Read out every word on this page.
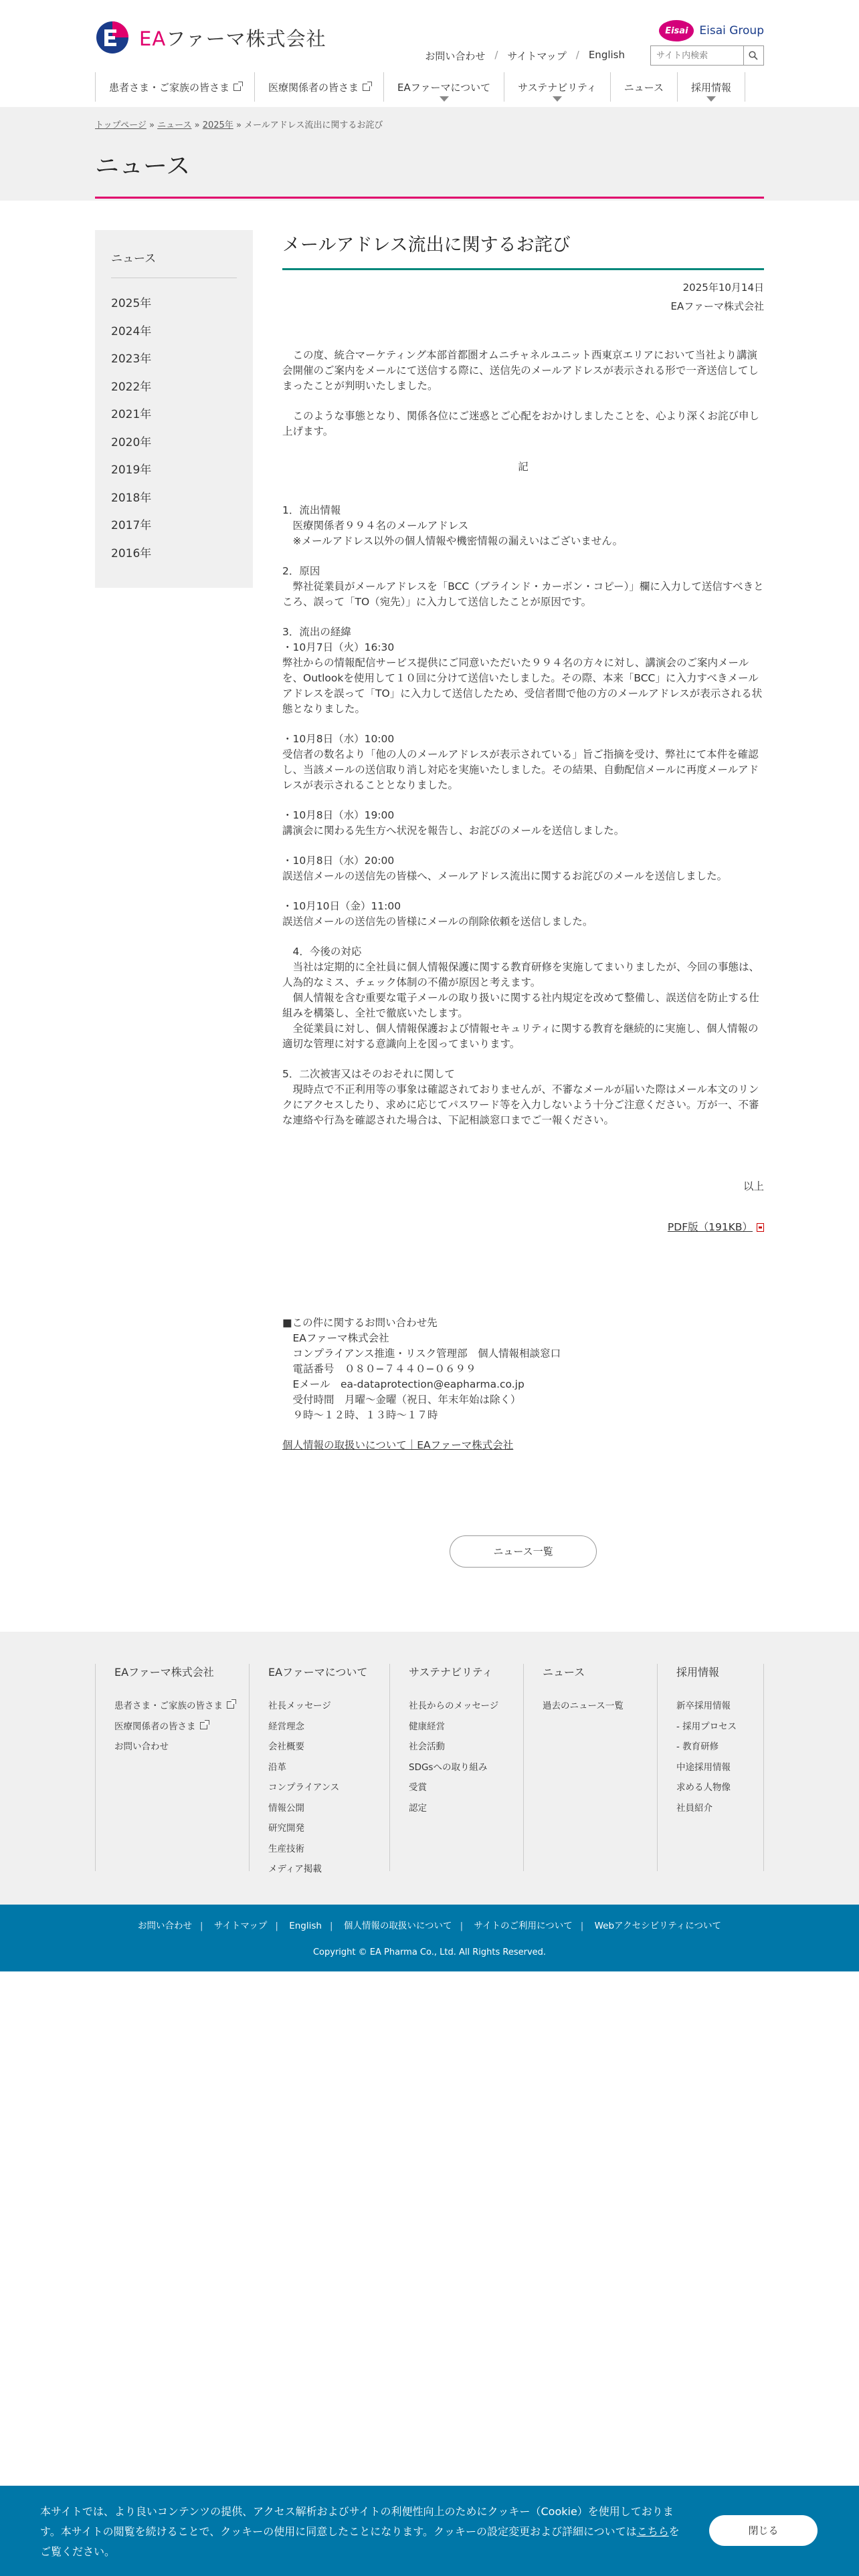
EAファーマ株式会社	Eisai Eisai Group
お問い合わせ / サイトマップ / English
サイト内検索
患者さま・ご家族の皆さま	医療関係者の皆さま	EAファーマについて	サステナビリティ	ニュース	採用情報
トップページ » ニュース » 2025年 » メールアドレス流出に関するお詫び
ニュース
ニュース
2025年
2024年
2023年
2022年
2021年
2020年
2019年
2018年
2017年
2016年
メールアドレス流出に関するお詫び
2025年10月14日
EAファーマ株式会社

　この度、統合マーケティング本部首都圏オムニチャネルユニット西東京エリアにおいて当社より講演会開催のご案内をメールにて送信する際に、送信先のメールアドレスが表示される形で一斉送信してしまったことが判明いたしました。

　このような事態となり、関係各位にご迷惑とご心配をおかけしましたことを、心より深くお詫び申し上げます。

記

1．流出情報
　医療関係者９９４名のメールアドレス
　※メールアドレス以外の個人情報や機密情報の漏えいはございません。

2．原因
　弊社従業員がメールアドレスを「BCC（ブラインド・カーボン・コピー）」欄に入力して送信すべきところ、誤って「TO（宛先）」に入力して送信したことが原因です。

3．流出の経緯
・10月7日（火）16:30
弊社からの情報配信サービス提供にご同意いただいた９９４名の方々に対し、講演会のご案内メールを、Outlookを使用して１０回に分けて送信いたしました。その際、本来「BCC」に入力すべきメールアドレスを誤って「TO」に入力して送信したため、受信者間で他の方のメールアドレスが表示される状態となりました。

・10月8日（水）10:00
受信者の数名より「他の人のメールアドレスが表示されている」旨ご指摘を受け、弊社にて本件を確認し、当該メールの送信取り消し対応を実施いたしました。その結果、自動配信メールに再度メールアドレスが表示されることとなりました。

・10月8日（水）19:00
講演会に関わる先生方へ状況を報告し、お詫びのメールを送信しました。

・10月8日（水）20:00
誤送信メールの送信先の皆様へ、メールアドレス流出に関するお詫びのメールを送信しました。

・10月10日（金）11:00
誤送信メールの送信先の皆様にメールの削除依頼を送信しました。

　4．今後の対応
　当社は定期的に全社員に個人情報保護に関する教育研修を実施してまいりましたが、今回の事態は、人為的なミス、チェック体制の不備が原因と考えます。
　個人情報を含む重要な電子メールの取り扱いに関する社内規定を改めて整備し、誤送信を防止する仕組みを構築し、全社で徹底いたします。
　全従業員に対し、個人情報保護および情報セキュリティに関する教育を継続的に実施し、個人情報の適切な管理に対する意識向上を図ってまいります。

5．二次被害又はそのおそれに関して
　現時点で不正利用等の事象は確認されておりませんが、不審なメールが届いた際はメール本文のリンクにアクセスしたり、求めに応じてパスワード等を入力しないよう十分ご注意ください。万が一、不審な連絡や行為を確認された場合は、下記相談窓口までご一報ください。

以上

PDF版（191KB）

■この件に関するお問い合わせ先
　EAファーマ株式会社
　コンプライアンス推進・リスク管理部　個人情報相談窓口
　電話番号　０８０−７４４０−０６９９
　Eメール　ea-dataprotection@eapharma.co.jp
　受付時間　月曜〜金曜（祝日、年末年始は除く）
　９時〜１２時、１３時〜１７時

個人情報の取扱いについて｜EAファーマ株式会社

ニュース一覧
EAファーマ株式会社
患者さま・ご家族の皆さま
医療関係者の皆さま
お問い合わせ
EAファーマについて
社長メッセージ
経営理念
会社概要
沿革
コンプライアンス
情報公開
研究開発
生産技術
メディア掲載
サステナビリティ
社長からのメッセージ
健康経営
社会活動
SDGsへの取り組み
受賞
認定
ニュース
過去のニュース一覧
採用情報
新卒採用情報
- 採用プロセス
- 教育研修
中途採用情報
求める人物像
社員紹介
お問い合わせ | サイトマップ | English | 個人情報の取扱いについて | サイトのご利用について | Webアクセシビリティについて
Copyright © EA Pharma Co., Ltd. All Rights Reserved.

本サイトでは、より良いコンテンツの提供、アクセス解析およびサイトの利便性向上のためにクッキー（Cookie）を使用しております。本サイトの閲覧を続けることで、クッキーの使用に同意したことになります。クッキーの設定変更および詳細についてはこちらをご覧ください。

閉じる
